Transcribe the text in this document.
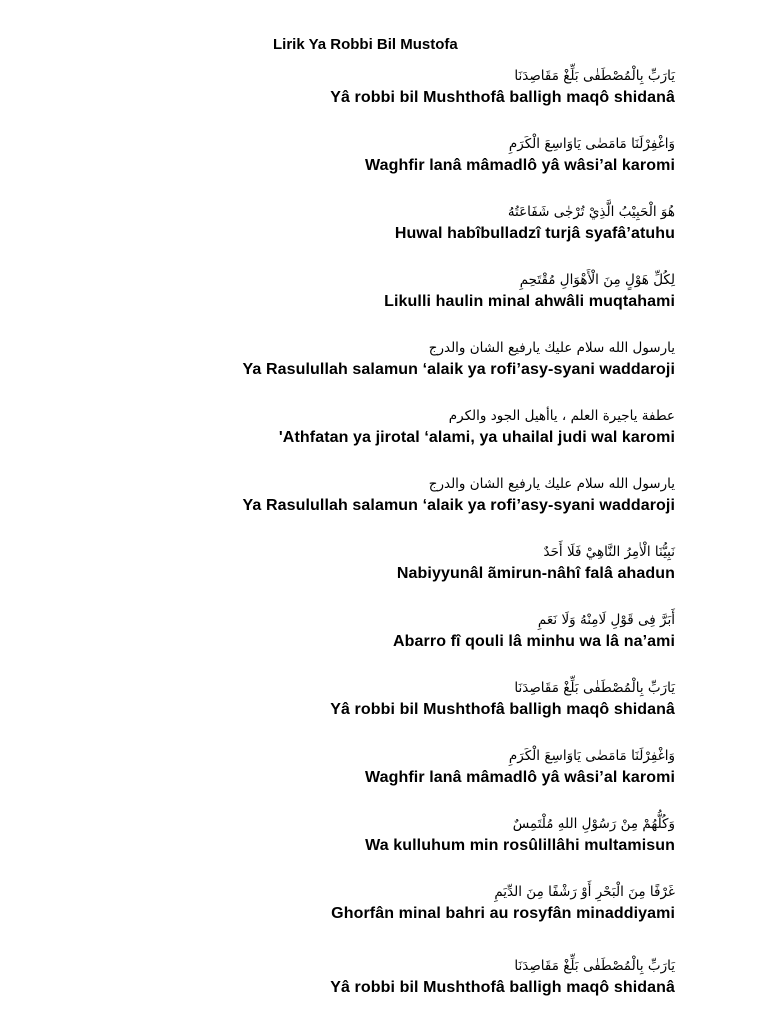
Lirik Ya Robbi Bil Mustofa
يَارَبِّ بِالْمُصْطَفٰى بَلِّغْ مَقَاصِدَنَا
Yâ robbi bil Mushthofâ balligh maqô shidanâ
وَاغْفِرْلَنَا مَامَضٰى يَاوَاسِعَ الْكَرَمِ
Waghfir lanâ mâmadlô yâ wâsi’al karomi
هُوَ الْحَبِيْبُ الَّذِيْ تُرْجٰى شَفَاعَتُهُ
Huwal habîbulladzî turjâ syafâ’atuhu
لِكُلِّ هَوْلٍ مِنَ الْأَهْوَالِ مُقْتَحِمِ
Likulli haulin minal ahwâli muqtahami
يارسول الله سلام عليك يارفيع الشان والدرج
Ya Rasulullah salamun ‘alaik ya rofi’asy-syani waddaroji
عطفة ياجيرة العلم ، ياأهيل الجود والكرم
'Athfatan ya jirotal ‘alami, ya uhailal judi wal karomi
يارسول الله سلام عليك يارفيع الشان والدرج
Ya Rasulullah salamun ‘alaik ya rofi’asy-syani waddaroji
نَبِيُّنَا الْاٰمِرُ النَّاهِيْ فَلَا أَحَدٌ
Nabiyyunâl ãmirun-nâhî falâ ahadun
أَبَرَّ فِى قَوْلِ لَامِنْهُ وَلَا نَعَمِ
Abarro fî qouli lâ minhu wa lâ na’ami
يَارَبِّ بِالْمُصْطَفٰى بَلِّغْ مَقَاصِدَنَا
Yâ robbi bil Mushthofâ balligh maqô shidanâ
وَاغْفِرْلَنَا مَامَضٰى يَاوَاسِعَ الْكَرَمِ
Waghfir lanâ mâmadlô yâ wâsi’al karomi
وَكُلُّهُمْ مِنْ رَسُوْلِ اللهِ مُلْتَمِسٌ
Wa kulluhum min rosûlillâhi multamisun
غَرْفًا مِنَ الْبَحْرِ أَوْ رَشْفًا مِنَ الدِّيَمِ
Ghorfân minal bahri au rosyfân minaddiyami
يَارَبِّ بِالْمُصْطَفٰى بَلِّغْ مَقَاصِدَنَا
Yâ robbi bil Mushthofâ balligh maqô shidanâ
